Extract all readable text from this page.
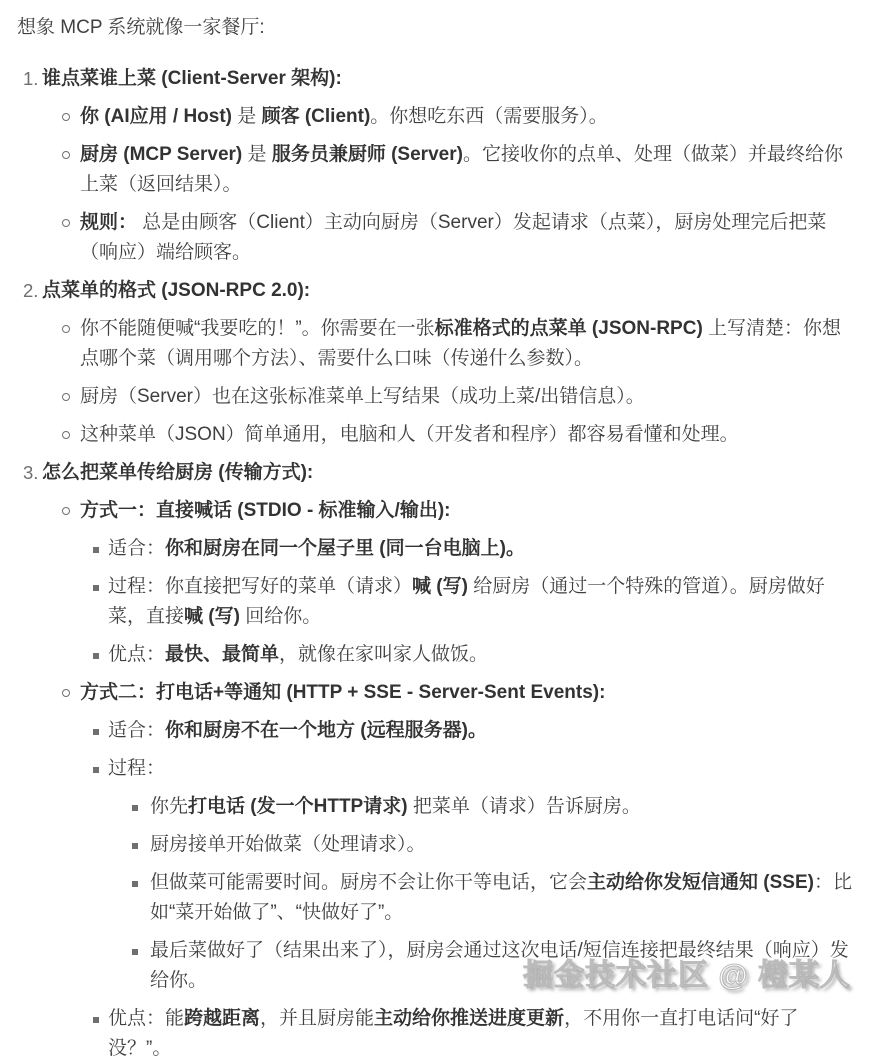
想象 MCP 系统就像一家餐厅:

1. 谁点菜谁上菜 (Client-Server 架构):
你 (AI应用 / Host) 是 顾客 (Client)。你想吃东西（需要服务）。
厨房 (MCP Server) 是 服务员兼厨师 (Server)。它接收你的点单、处理（做菜）并最终给你上菜（返回结果）。
规则： 总是由顾客（Client）主动向厨房（Server）发起请求（点菜），厨房处理完后把菜（响应）端给顾客。
2. 点菜单的格式 (JSON-RPC 2.0):
你不能随便喊“我要吃的！”。你需要在一张标准格式的点菜单 (JSON-RPC) 上写清楚：你想点哪个菜（调用哪个方法）、需要什么口味（传递什么参数）。
厨房（Server）也在这张标准菜单上写结果（成功上菜/出错信息）。
这种菜单（JSON）简单通用，电脑和人（开发者和程序）都容易看懂和处理。
3. 怎么把菜单传给厨房 (传输方式):
方式一：直接喊话 (STDIO - 标准输入/输出):
适合：你和厨房在同一个屋子里 (同一台电脑上)。
过程：你直接把写好的菜单（请求）喊 (写) 给厨房（通过一个特殊的管道）。厨房做好菜，直接喊 (写) 回给你。
优点：最快、最简单，就像在家叫家人做饭。
方式二：打电话+等通知 (HTTP + SSE - Server-Sent Events):
适合：你和厨房不在一个地方 (远程服务器)。
过程：
你先打电话 (发一个HTTP请求) 把菜单（请求）告诉厨房。
厨房接单开始做菜（处理请求）。
但做菜可能需要时间。厨房不会让你干等电话，它会主动给你发短信通知 (SSE)：比如“菜开始做了”、“快做好了”。
最后菜做好了（结果出来了），厨房会通过这次电话/短信连接把最终结果（响应）发给你。
优点：能跨越距离，并且厨房能主动给你推送进度更新，不用你一直打电话问“好了没？”。
掘金技术社区 @ 橙某人
